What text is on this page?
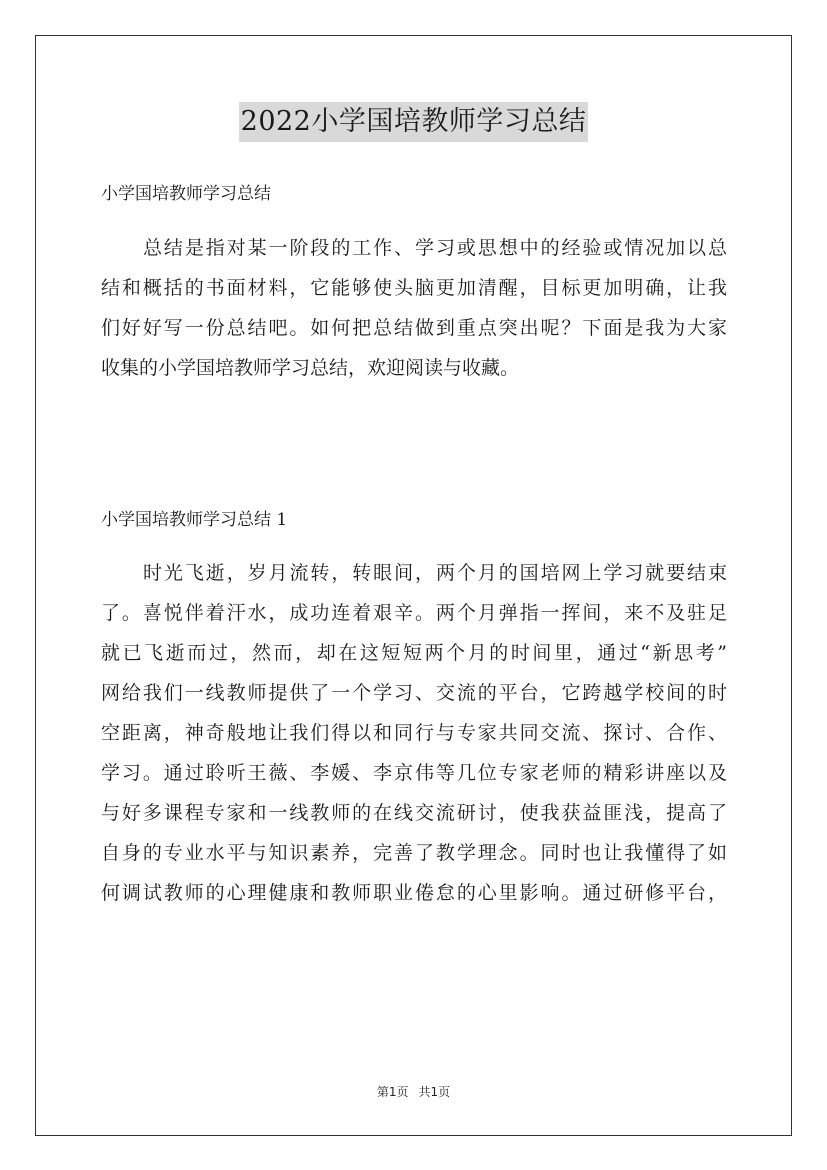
2022小学国培教师学习总结
小学国培教师学习总结
总结是指对某一阶段的工作、学习或思想中的经验或情况加以总
结和概括的书面材料，它能够使头脑更加清醒，目标更加明确，让我
们好好写一份总结吧。如何把总结做到重点突出呢？下面是我为大家
收集的小学国培教师学习总结，欢迎阅读与收藏。
小学国培教师学习总结 1
时光飞逝，岁月流转，转眼间，两个月的国培网上学习就要结束
了。喜悦伴着汗水，成功连着艰辛。两个月弹指一挥间，来不及驻足
就已飞逝而过，然而，却在这短短两个月的时间里，通过“新思考”
网给我们一线教师提供了一个学习、交流的平台，它跨越学校间的时
空距离，神奇般地让我们得以和同行与专家共同交流、探讨、合作、
学习。通过聆听王薇、李媛、李京伟等几位专家老师的精彩讲座以及
与好多课程专家和一线教师的在线交流研讨，使我获益匪浅，提高了
自身的专业水平与知识素养，完善了教学理念。同时也让我懂得了如
何调试教师的心理健康和教师职业倦怠的心里影响。通过研修平台，
第1页 共1页
